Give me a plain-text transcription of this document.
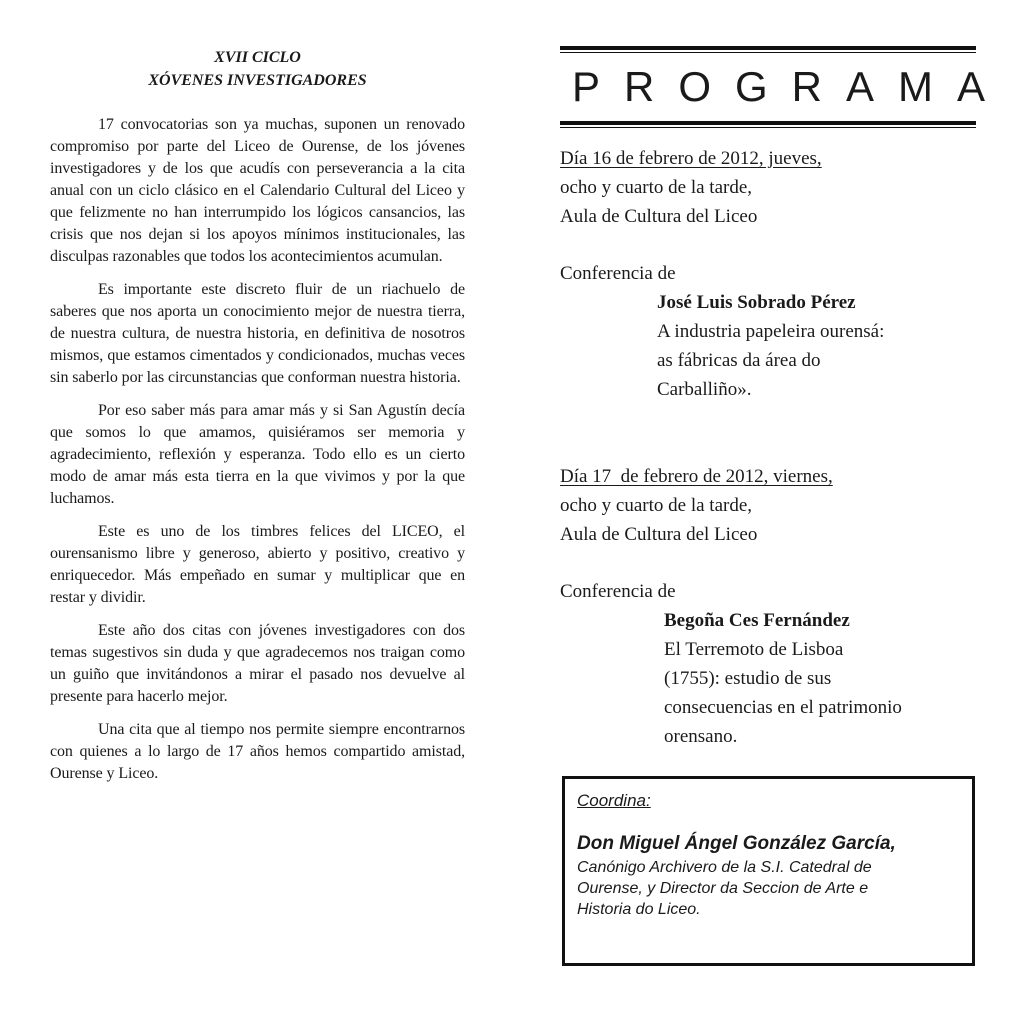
XVII CICLO
XÓVENES INVESTIGADORES

17 convocatorias son ya muchas, suponen un renovado compromiso por parte del Liceo de Ourense, de los jóvenes investigadores y de los que acudís con perseverancia a la cita anual con un ciclo clásico en el Calendario Cultural del Liceo y que felizmente no han interrumpido los lógicos cansancios, las crisis que nos dejan si los apoyos mínimos institucionales, las disculpas razonables que todos los acontecimientos acumulan.

Es importante este discreto fluir de un riachuelo de saberes que nos aporta un conocimiento mejor de nuestra tierra, de nuestra cultura, de nuestra historia, en definitiva de nosotros mismos, que estamos cimentados y condicionados, muchas veces sin saberlo por las circunstancias que conforman nuestra historia.

Por eso saber más para amar más y si San Agustín decía que somos lo que amamos, quisiéramos ser memoria y agradecimiento, reflexión y esperanza. Todo ello es un cierto modo de amar más esta tierra en la que vivimos y por la que luchamos.

Este es uno de los timbres felices del LICEO, el ourensanismo libre y generoso, abierto y positivo, creativo y enriquecedor. Más empeñado en sumar y multiplicar que en restar y dividir.

Este año dos citas con jóvenes investigadores con dos temas sugestivos sin duda y que agradecemos nos traigan como un guiño que invitándonos a mirar el pasado nos devuelve al presente para hacerlo mejor.

Una cita que al tiempo nos permite siempre encontrarnos con quienes a lo largo de 17 años hemos compartido amistad, Ourense y Liceo.

PROGRAMA
Día 16 de febrero de 2012, jueves,
ocho y cuarto de la tarde,
Aula de Cultura del Liceo
Conferencia de
José Luis Sobrado Pérez
A industria papeleira ourensá:
as fábricas da área do
Carballiño».
Día 17  de febrero de 2012, viernes,
ocho y cuarto de la tarde,
Aula de Cultura del Liceo
Conferencia de
Begoña Ces Fernández
El Terremoto de Lisboa
(1755): estudio de sus
consecuencias en el patrimonio
orensano.
Coordina:
Don Miguel Ángel González García,
Canónigo Archivero de la S.I. Catedral de
Ourense, y Director da Seccion de Arte e
Historia do Liceo.
